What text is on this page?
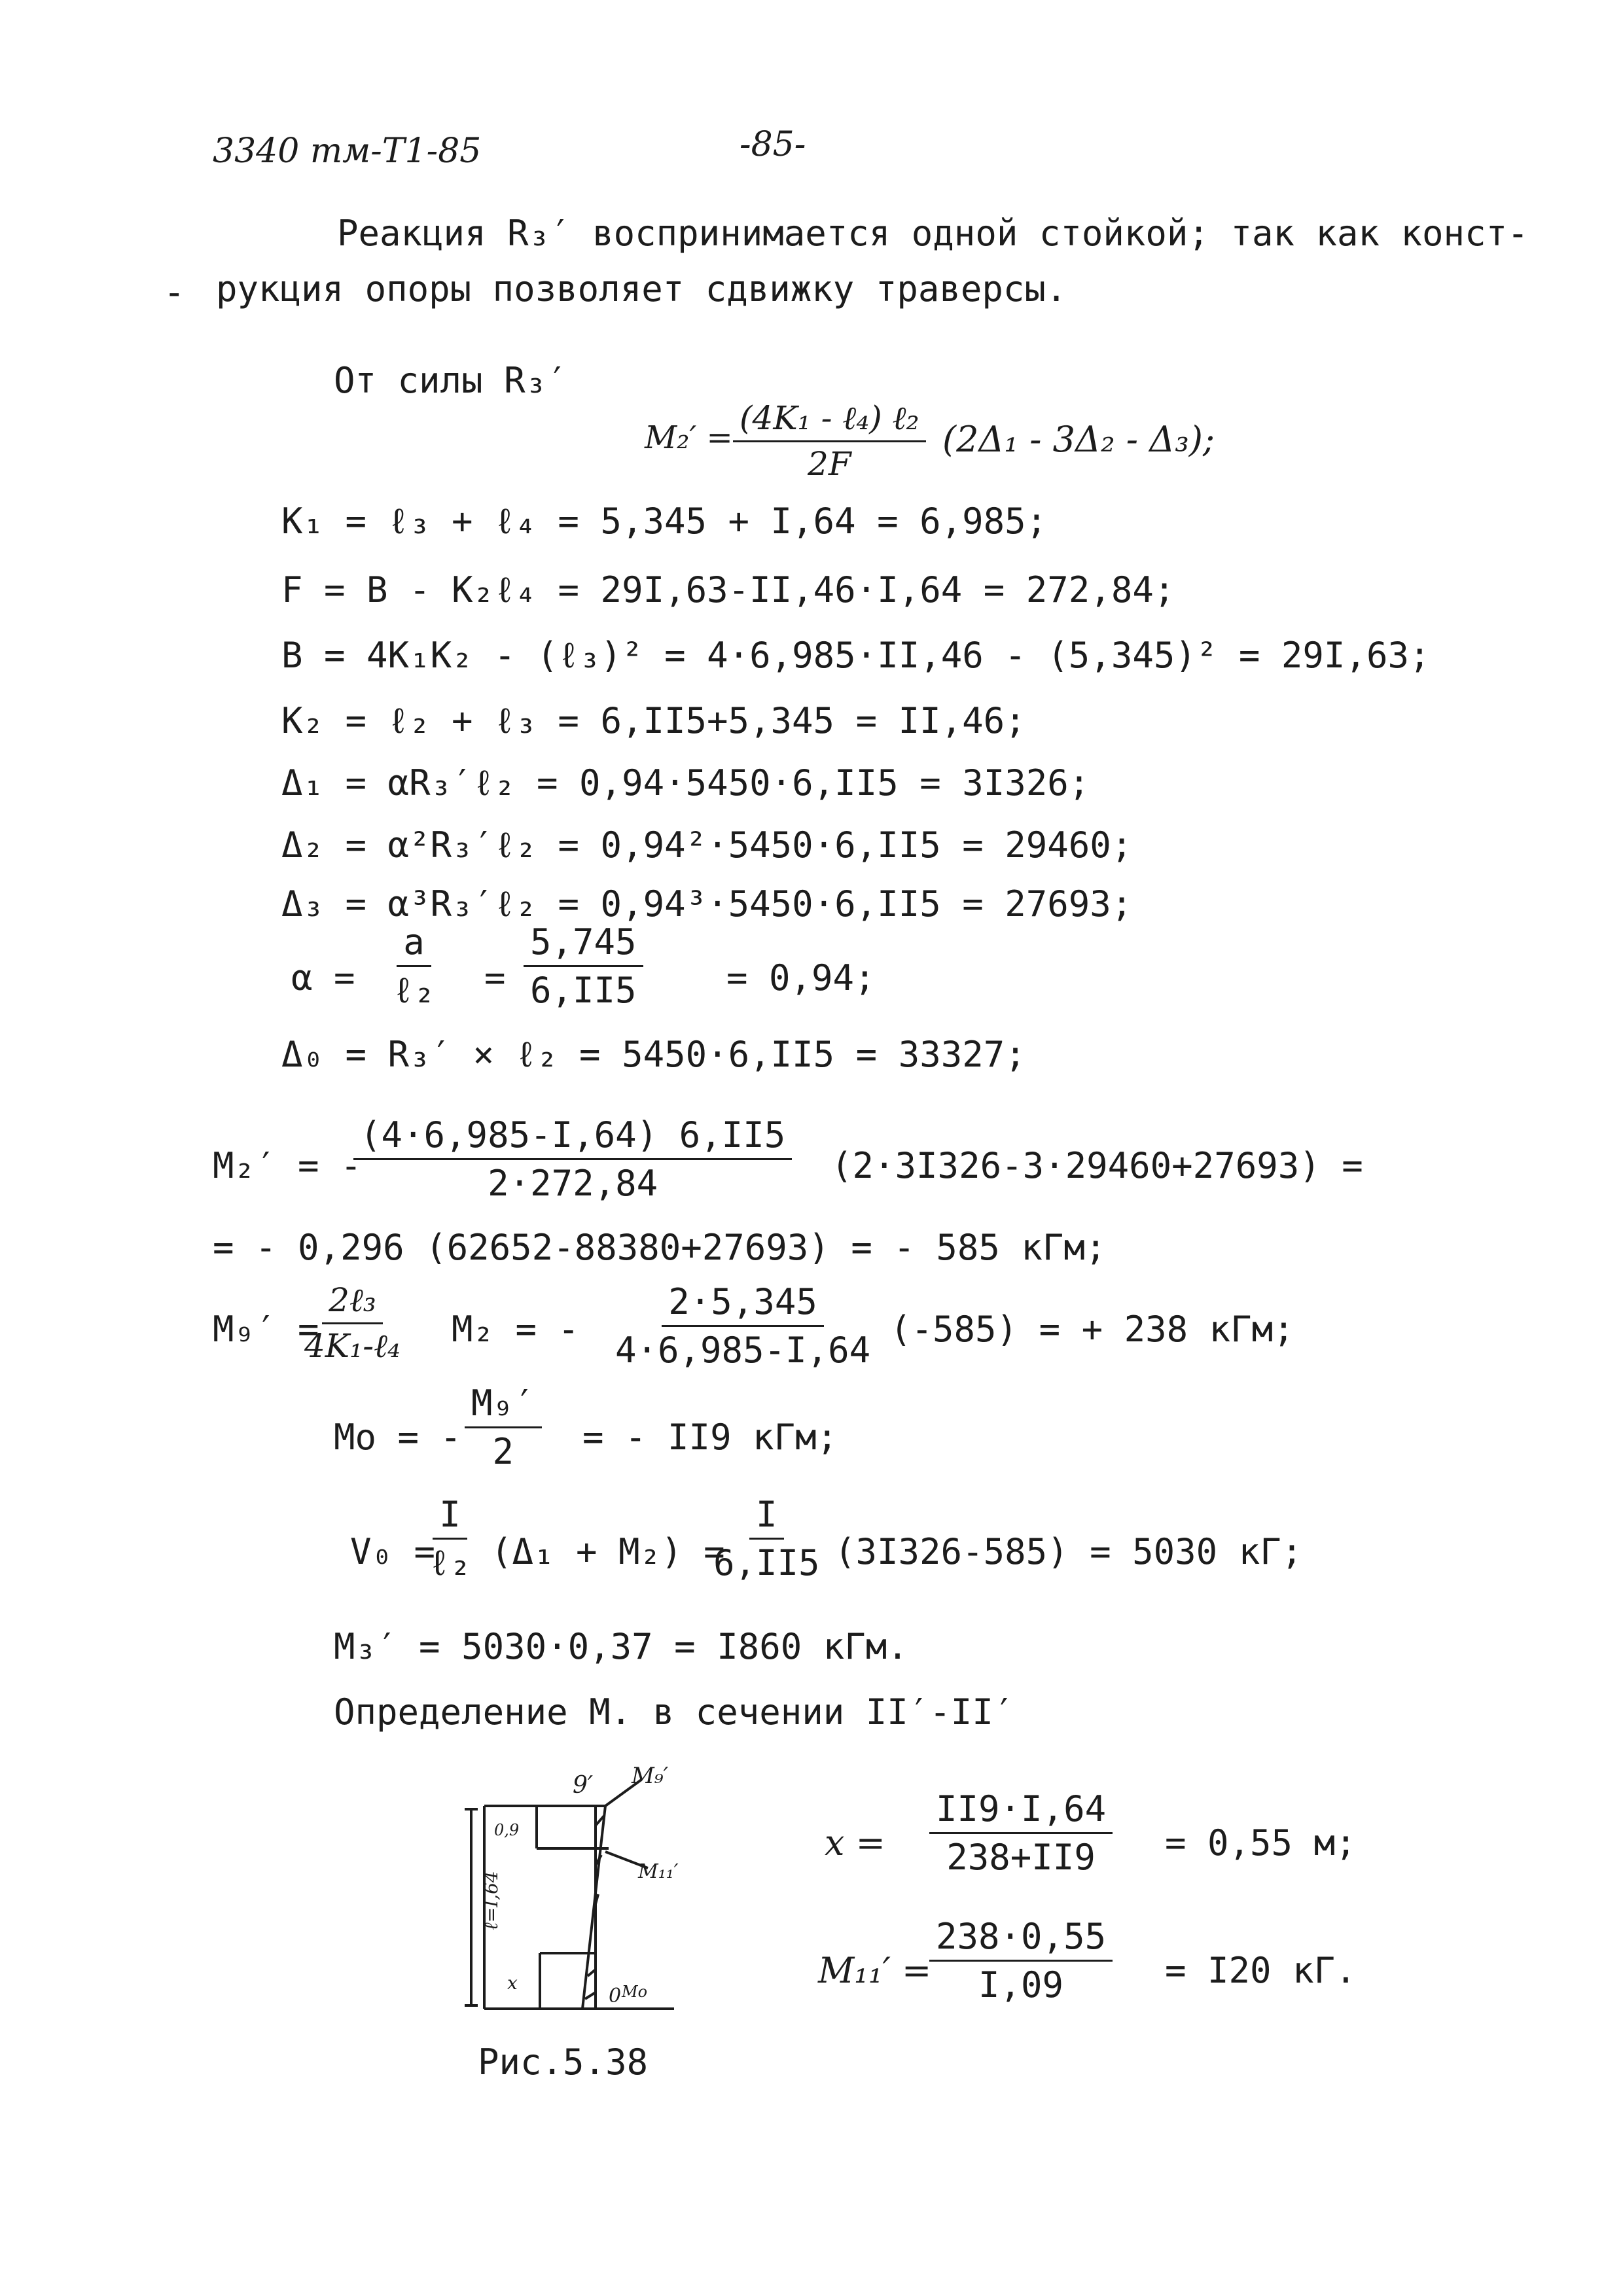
3340 тм-Т1-85	-85-
Реакция R₃′ воспринимается одной стойкой; так как конст-
- рукция опоры позволяет сдвижку траверсы.
От силы R₃′
M₂′ =
(4K₁ - ℓ₄) ℓ₂
2F
(2Δ₁ - 3Δ₂ - Δ₃);
K₁ = ℓ₃ + ℓ₄ = 5,345 + I,64 = 6,985;
F = B - K₂ℓ₄ = 29I,63-II,46·I,64 = 272,84;
B = 4K₁K₂ - (ℓ₃)² = 4·6,985·II,46 - (5,345)² = 29I,63;
K₂ = ℓ₂ + ℓ₃ = 6,II5+5,345 = II,46;
Δ₁ = αR₃′ℓ₂ = 0,94·5450·6,II5 = 3I326;
Δ₂ = α²R₃′ℓ₂ = 0,94²·5450·6,II5 = 29460;
Δ₃ = α³R₃′ℓ₂ = 0,94³·5450·6,II5 = 27693;
α =
a
ℓ₂ = $\frac{5,745}{6,II5} = 0,94$;
Δ₀ = R₃′ × ℓ₂ = 5450·6,II5 = 33327;
M₂′ = -
$\frac{(4\cdot 6,985-I,64) 6,II5}{2\cdot 272,84} (2\cdot 3I326-3\cdot 29460+27693)$ =
= - 0,296 (62652-88380+27693) = - 585 кГм;
M₉′ =
2ℓ₃
4K₁-ℓ₄ M₂ = - $\frac{2\cdot 5,345}{4\cdot 6,985-I,64} (-585)$ = + 238 кГм;
Mo = - $\frac{\text{M₉′}}{2}$ = - II9 кГм;
V₀ =
I
ℓ₂ (Δ₁ + M₂) =
$\frac{I}{6,II5} (3I326-585) = 5030$ кГ;
M₃′ = 5030·0,37 = I860 кГм.
Определение M. в сечении II′-II′
9′ M₉′
M₁₁′
ℓ=I,64
0,9
x
0 Mo
Рис.5.38
$x = \frac{II9\cdot I,64}{238+II9} = 0,55$ м;
M₁₁′ =
$\frac{238\cdot 0,55}{I,09} = I20$ кГ.
